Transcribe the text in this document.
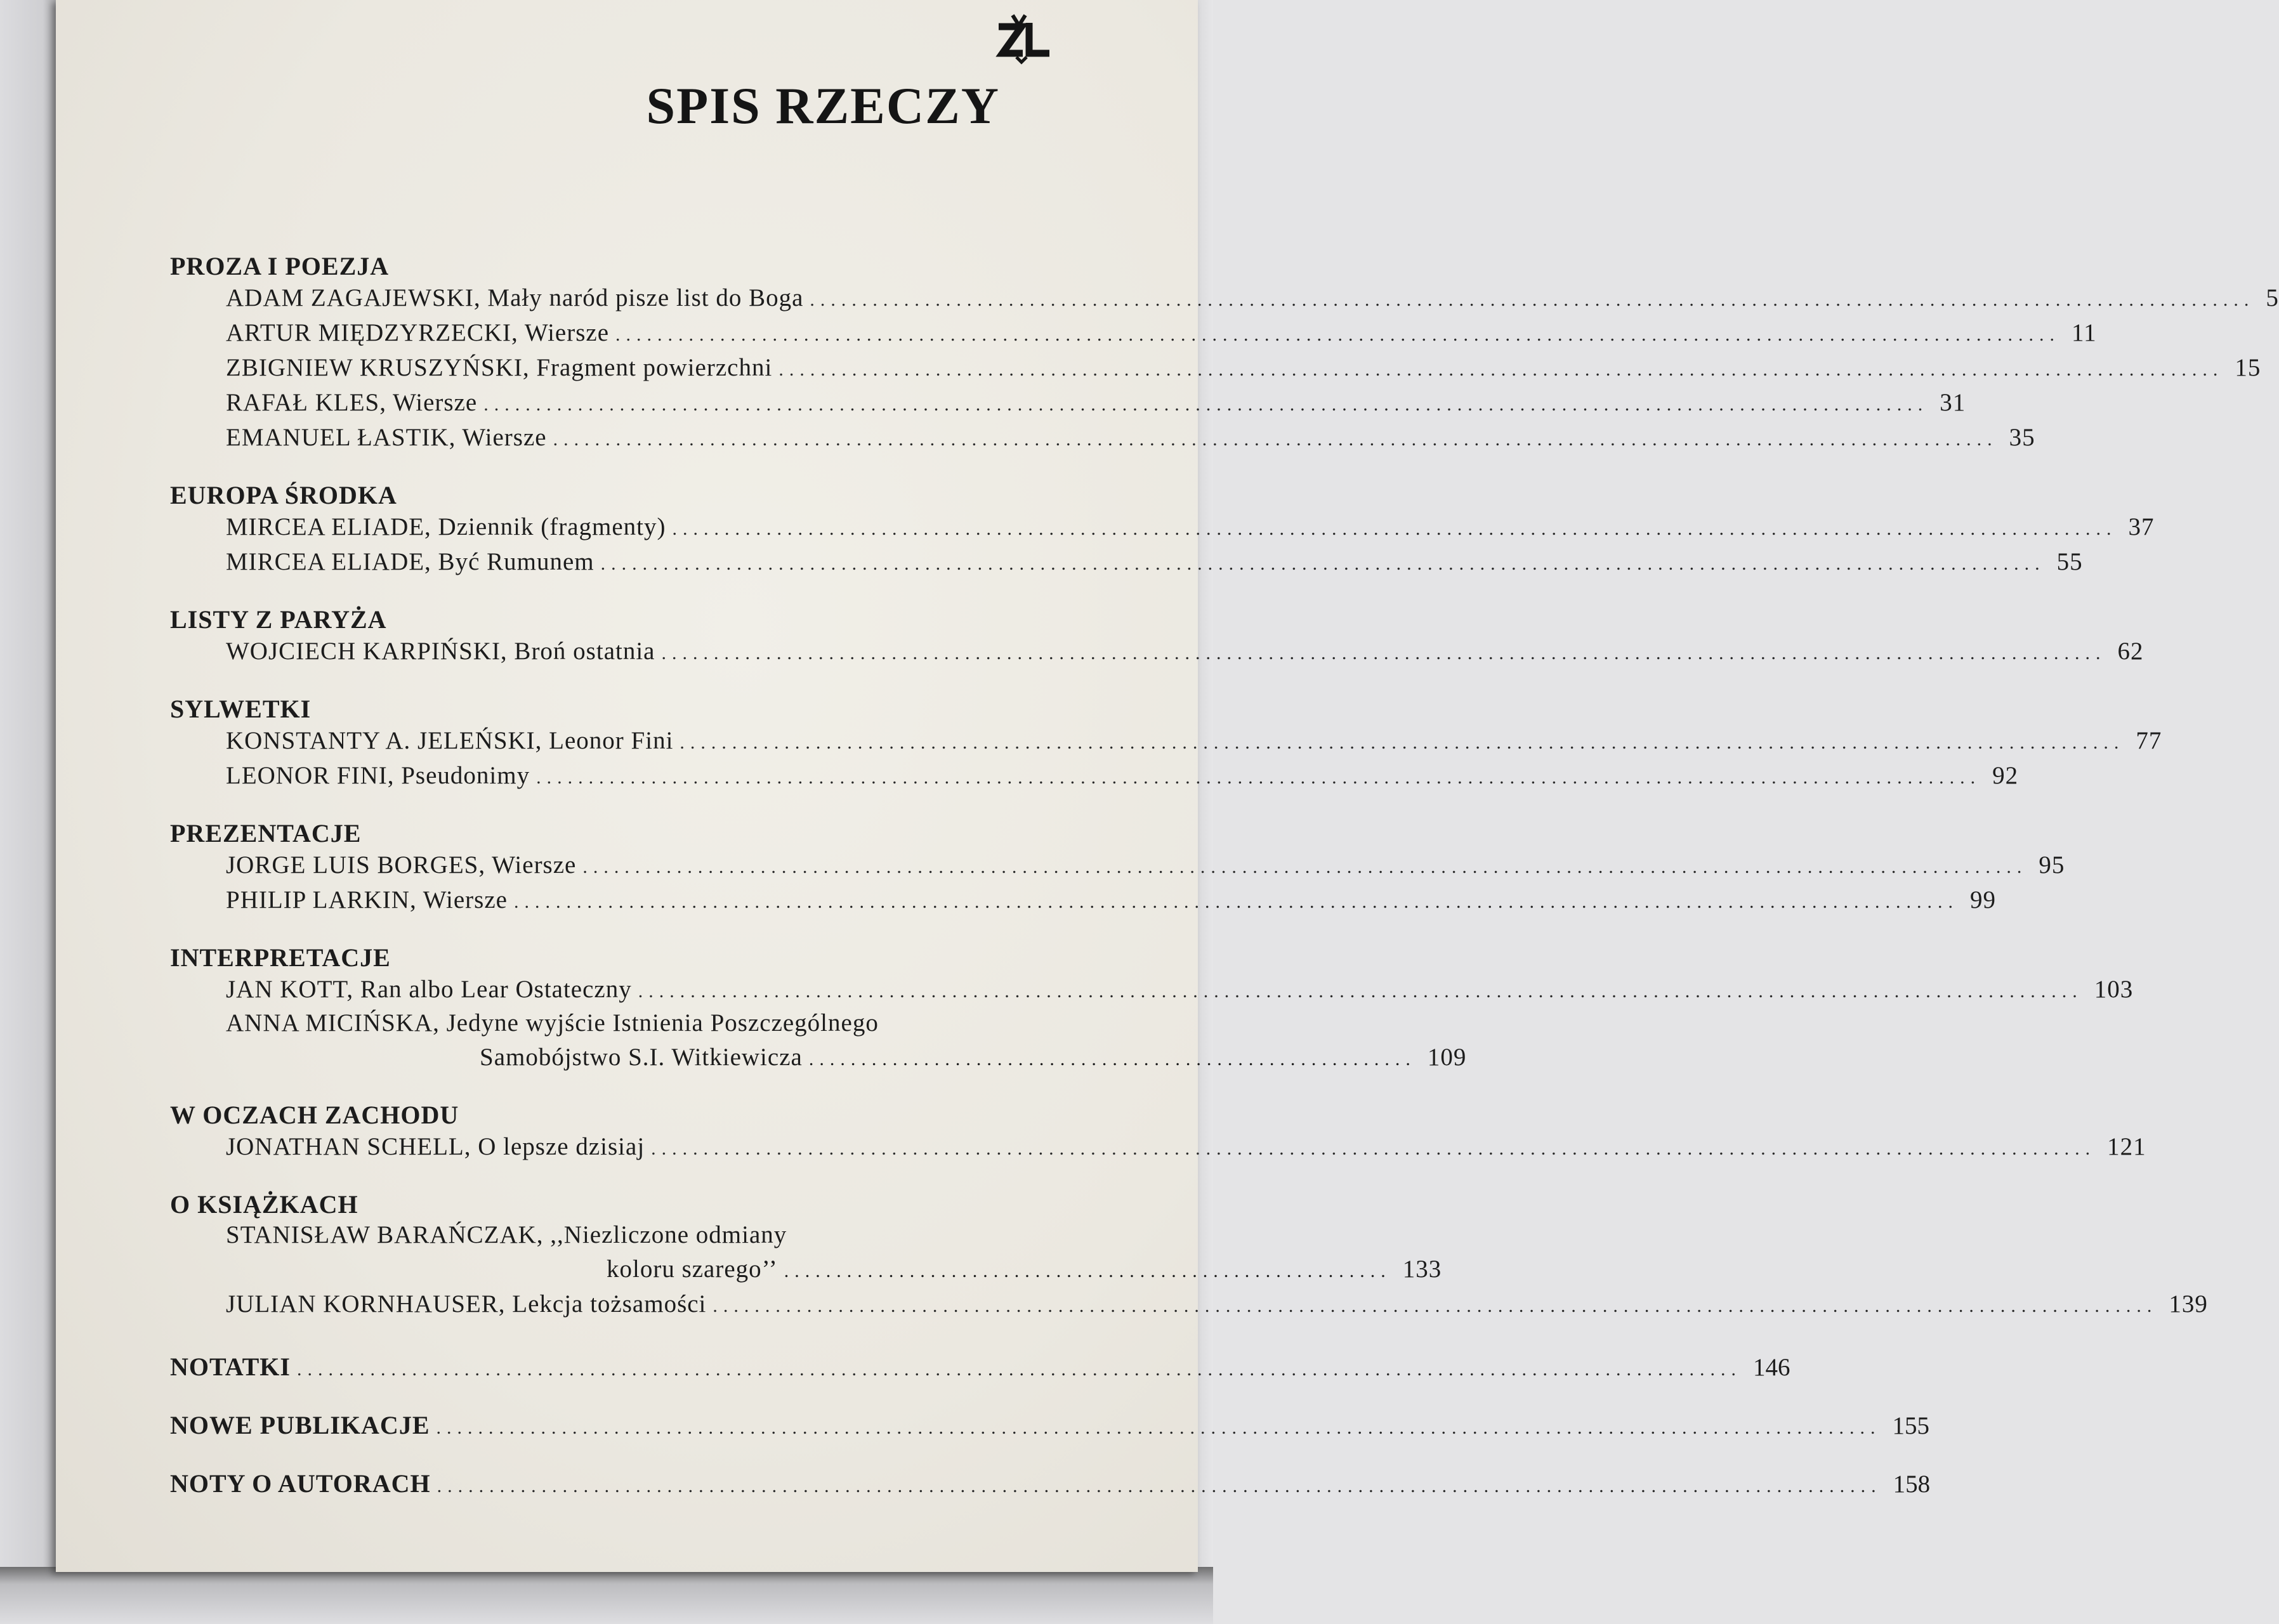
SPIS RZECZY
PROZA I POEZJA
ADAM ZAGAJEWSKI, Mały naród pisze list do Boga .....	5
ARTUR MIĘDZYRZECKI, Wiersze .....	11
ZBIGNIEW KRUSZYŃSKI, Fragment powierzchni .....	15
RAFAŁ KLES, Wiersze .....	31
EMANUEL ŁASTIK, Wiersze .....	35
EUROPA ŚRODKA
MIRCEA ELIADE, Dziennik (fragmenty) .....	37
MIRCEA ELIADE, Być Rumunem .....	55
LISTY Z PARYŻA
WOJCIECH KARPIŃSKI, Broń ostatnia .....	62
SYLWETKI
KONSTANTY A. JELEŃSKI, Leonor Fini .....	77
LEONOR FINI, Pseudonimy .....	92
PREZENTACJE
JORGE LUIS BORGES, Wiersze .....	95
PHILIP LARKIN, Wiersze .....	99
INTERPRETACJE
JAN KOTT, Ran albo Lear Ostateczny .....	103
ANNA MICIŃSKA, Jedyne wyjście Istnienia Poszczególnego
Samobójstwo S.I. Witkiewicza .......................................................... 109
W OCZACH ZACHODU
JONATHAN SCHELL, O lepsze dzisiaj .....	121
O KSIĄŻKACH
STANISŁAW BARAŃCZAK, ,,Niezliczone odmiany
koloru szarego’’ .......................................................... 133
JULIAN KORNHAUSER, Lekcja tożsamości .....	139
NOTATKI .....	146
NOWE PUBLIKACJE .....	155
NOTY O AUTORACH .....	158
